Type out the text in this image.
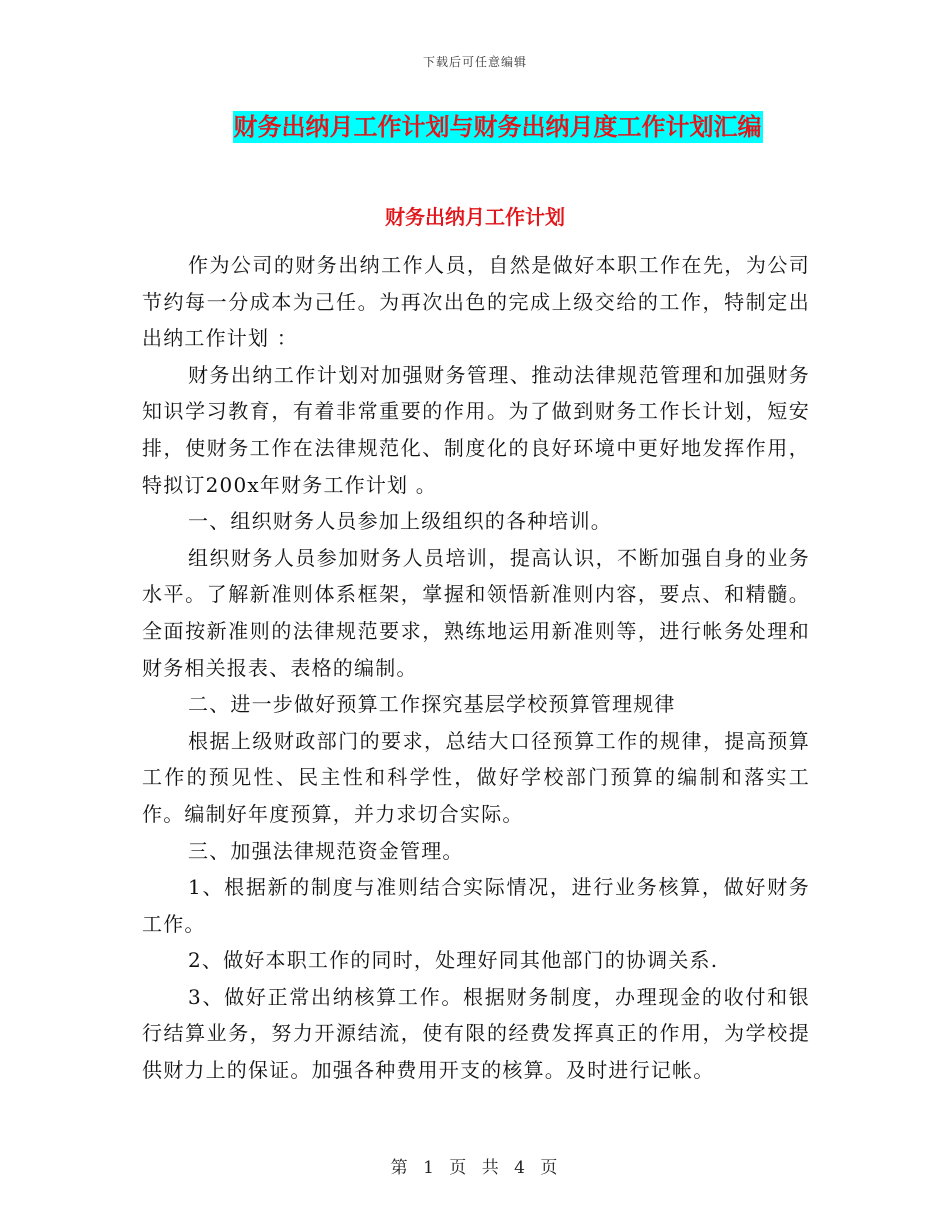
下载后可任意编辑
财务出纳月工作计划与财务出纳月度工作计划汇编
财务出纳月工作计划

作为公司的财务出纳工作人员，自然是做好本职工作在先，为公司节约每一分成本为己任。为再次出色的完成上级交给的工作，特制定出出纳工作计划 ：

财务出纳工作计划对加强财务管理、推动法律规范管理和加强财务知识学习教育，有着非常重要的作用。为了做到财务工作长计划，短安排，使财务工作在法律规范化、制度化的良好环境中更好地发挥作用，特拟订200x年财务工作计划 。

一、组织财务人员参加上级组织的各种培训。

组织财务人员参加财务人员培训，提高认识，不断加强自身的业务水平。了解新准则体系框架，掌握和领悟新准则内容，要点、和精髓。全面按新准则的法律规范要求，熟练地运用新准则等，进行帐务处理和财务相关报表、表格的编制。

二、进一步做好预算工作探究基层学校预算管理规律

根据上级财政部门的要求，总结大口径预算工作的规律，提高预算工作的预见性、民主性和科学性，做好学校部门预算的编制和落实工作。编制好年度预算，并力求切合实际。

三、加强法律规范资金管理。

1、根据新的制度与准则结合实际情况，进行业务核算，做好财务工作。

2、做好本职工作的同时，处理好同其他部门的协调关系.

3、做好正常出纳核算工作。根据财务制度，办理现金的收付和银行结算业务，努力开源结流，使有限的经费发挥真正的作用，为学校提供财力上的保证。加强各种费用开支的核算。及时进行记帐。

第 1 页 共 4 页
